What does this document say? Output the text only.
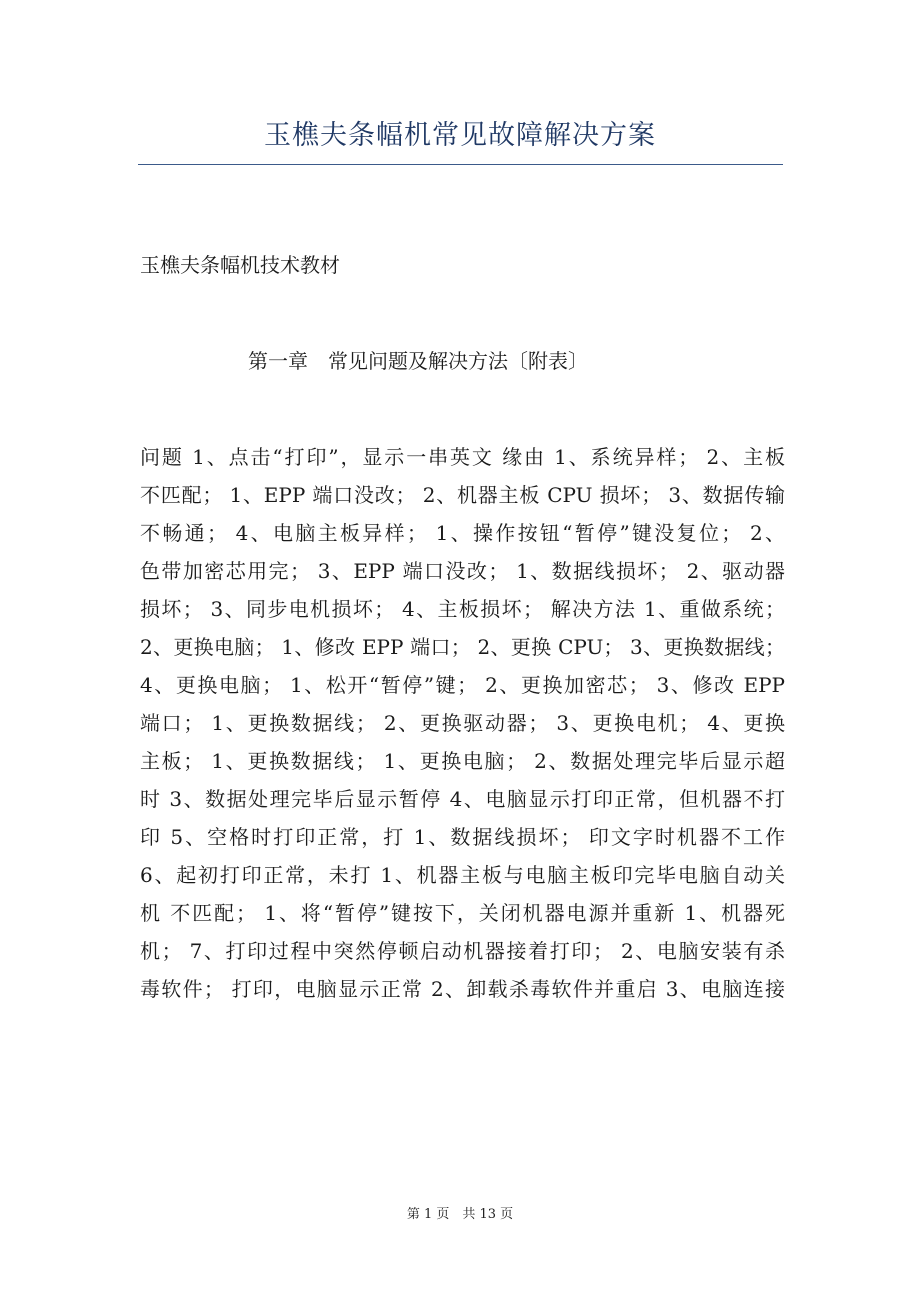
玉樵夫条幅机常见故障解决方案
玉樵夫条幅机技术教材
第一章　常见问题及解决方法〔附表〕
问题 1、点击“打印”，显示一串英文 缘由 1、系统异样； 2、主板
不匹配； 1、EPP 端口没改； 2、机器主板 CPU 损坏； 3、数据传输
不畅通； 4、电脑主板异样； 1、操作按钮“暂停”键没复位； 2、
色带加密芯用完； 3、EPP 端口没改； 1、数据线损坏； 2、驱动器
损坏； 3、同步电机损坏； 4、主板损坏； 解决方法 1、重做系统；
2、更换电脑； 1、修改 EPP 端口； 2、更换 CPU； 3、更换数据线；
4、更换电脑； 1、松开“暂停”键； 2、更换加密芯； 3、修改 EPP
端口； 1、更换数据线； 2、更换驱动器； 3、更换电机； 4、更换
主板； 1、更换数据线； 1、更换电脑； 2、数据处理完毕后显示超
时 3、数据处理完毕后显示暂停 4、电脑显示打印正常，但机器不打
印 5、空格时打印正常，打 1、数据线损坏； 印文字时机器不工作
6、起初打印正常，未打 1、机器主板与电脑主板印完毕电脑自动关
机 不匹配； 1、将“暂停”键按下，关闭机器电源并重新 1、机器死
机； 7、打印过程中突然停顿启动机器接着打印； 2、电脑安装有杀
毒软件； 打印，电脑显示正常 2、卸载杀毒软件并重启 3、电脑连接
第 1 页　共 13 页
